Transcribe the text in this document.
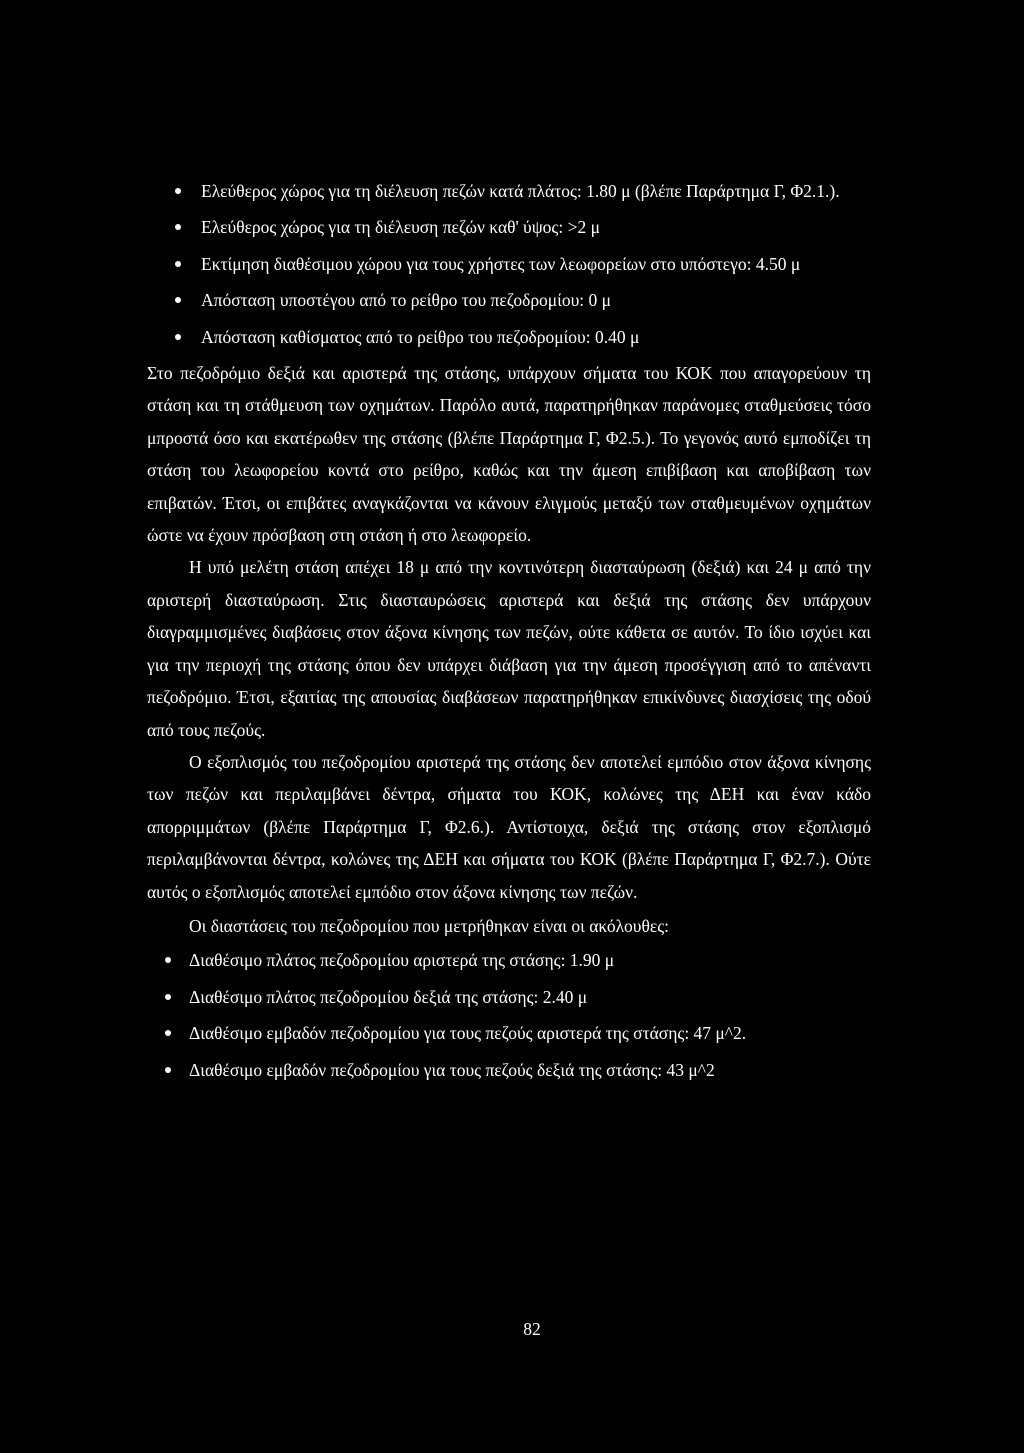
Ελεύθερος χώρος για τη διέλευση πεζών κατά πλάτος: 1.80 μ (βλέπε Παράρτημα Γ, Φ2.1.).
Ελεύθερος χώρος για τη διέλευση πεζών καθ' ύψος: >2 μ
Εκτίμηση διαθέσιμου χώρου για τους χρήστες των λεωφορείων στο υπόστεγο: 4.50 μ
Απόσταση υποστέγου από το ρείθρο του πεζοδρομίου: 0 μ
Απόσταση καθίσματος από το ρείθρο του πεζοδρομίου: 0.40 μ

Στο πεζοδρόμιο δεξιά και αριστερά της στάσης, υπάρχουν σήματα του ΚΟΚ που απαγορεύουν τη στάση και τη στάθμευση των οχημάτων. Παρόλο αυτά, παρατηρήθηκαν παράνομες σταθμεύσεις τόσο μπροστά όσο και εκατέρωθεν της στάσης (βλέπε Παράρτημα Γ, Φ2.5.). Το γεγονός αυτό εμποδίζει τη στάση του λεωφορείου κοντά στο ρείθρο, καθώς και την άμεση επιβίβαση και αποβίβαση των επιβατών. Έτσι, οι επιβάτες αναγκάζονται να κάνουν ελιγμούς μεταξύ των σταθμευμένων οχημάτων ώστε να έχουν πρόσβαση στη στάση ή στο λεωφορείο.

Η υπό μελέτη στάση απέχει 18 μ από την κοντινότερη διασταύρωση (δεξιά) και 24 μ από την αριστερή διασταύρωση. Στις διασταυρώσεις αριστερά και δεξιά της στάσης δεν υπάρχουν διαγραμμισμένες διαβάσεις στον άξονα κίνησης των πεζών, ούτε κάθετα σε αυτόν. Το ίδιο ισχύει και για την περιοχή της στάσης όπου δεν υπάρχει διάβαση για την άμεση προσέγγιση από το απέναντι πεζοδρόμιο. Έτσι, εξαιτίας της απουσίας διαβάσεων παρατηρήθηκαν επικίνδυνες διασχίσεις της οδού από τους πεζούς.

Ο εξοπλισμός του πεζοδρομίου αριστερά της στάσης δεν αποτελεί εμπόδιο στον άξονα κίνησης των πεζών και περιλαμβάνει δέντρα, σήματα του ΚΟΚ, κολώνες της ΔΕΗ και έναν κάδο απορριμμάτων (βλέπε Παράρτημα Γ, Φ2.6.). Αντίστοιχα, δεξιά της στάσης στον εξοπλισμό περιλαμβάνονται δέντρα, κολώνες της ΔΕΗ και σήματα του ΚΟΚ (βλέπε Παράρτημα Γ, Φ2.7.). Ούτε αυτός ο εξοπλισμός αποτελεί εμπόδιο στον άξονα κίνησης των πεζών.

Οι διαστάσεις του πεζοδρομίου που μετρήθηκαν είναι οι ακόλουθες:

Διαθέσιμο πλάτος πεζοδρομίου αριστερά της στάσης: 1.90 μ
Διαθέσιμο πλάτος πεζοδρομίου δεξιά της στάσης: 2.40 μ
Διαθέσιμο εμβαδόν πεζοδρομίου για τους πεζούς αριστερά της στάσης: 47 μ^2.
Διαθέσιμο εμβαδόν πεζοδρομίου για τους πεζούς δεξιά της στάσης: 43 μ^2
82
